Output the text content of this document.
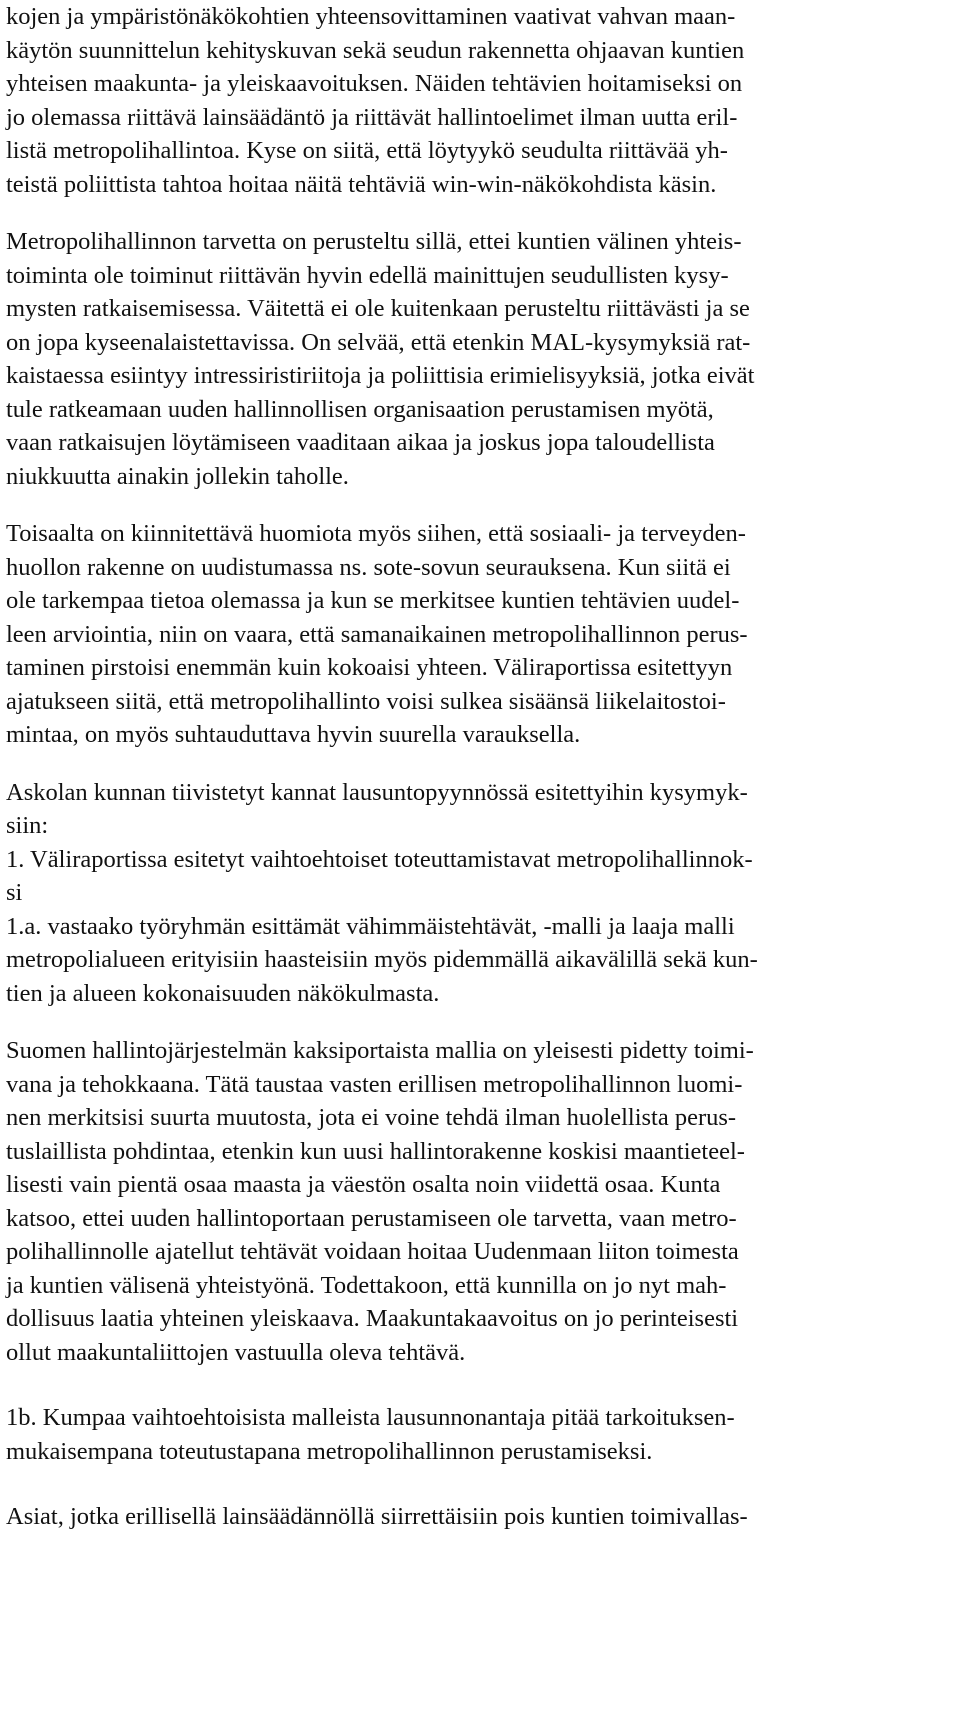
kojen ja ympäristönäkökohtien yhteensovittaminen vaativat vahvan maan-
käytön suunnittelun kehityskuvan sekä seudun rakennetta ohjaavan kuntien
yhteisen maakunta- ja yleiskaavoituksen. Näiden tehtävien hoitamiseksi on
jo olemassa riittävä lainsäädäntö ja riittävät hallintoelimet ilman uutta eril-
listä metropolihallintoa. Kyse on siitä, että löytyykö seudulta riittävää yh-
teistä poliittista tahtoa hoitaa näitä tehtäviä win-win-näkökohdista käsin.
Metropolihallinnon tarvetta on perusteltu sillä, ettei kuntien välinen yhteis-
toiminta ole toiminut riittävän hyvin edellä mainittujen seudullisten kysy-
mysten ratkaisemisessa. Väitettä ei ole kuitenkaan perusteltu riittävästi ja se
on jopa kyseenalaistettavissa. On selvää, että etenkin MAL-kysymyksiä rat-
kaistaessa esiintyy intressiristiriitoja ja poliittisia erimielisyyksiä, jotka eivät
tule ratkeamaan uuden hallinnollisen organisaation perustamisen myötä,
vaan ratkaisujen löytämiseen vaaditaan aikaa ja joskus jopa taloudellista
niukkuutta ainakin jollekin taholle.
Toisaalta on kiinnitettävä huomiota myös siihen, että sosiaali- ja terveyden-
huollon rakenne on uudistumassa ns. sote-sovun seurauksena. Kun siitä ei
ole tarkempaa tietoa olemassa ja kun se merkitsee kuntien tehtävien uudel-
leen arviointia, niin on vaara, että samanaikainen metropolihallinnon perus-
taminen pirstoisi enemmän kuin kokoaisi yhteen. Väliraportissa esitettyyn
ajatukseen siitä, että metropolihallinto voisi sulkea sisäänsä liikelaitostoi-
mintaa, on myös suhtauduttava hyvin suurella varauksella.
Askolan kunnan tiivistetyt kannat lausuntopyynnössä esitettyihin kysymyk-
siin:
1. Väliraportissa esitetyt vaihtoehtoiset toteuttamistavat metropolihallinnok-
si
1.a. vastaako työryhmän esittämät vähimmäistehtävät, -malli ja laaja malli
metropolialueen erityisiin haasteisiin myös pidemmällä aikavälillä sekä kun-
tien ja alueen kokonaisuuden näkökulmasta.
Suomen hallintojärjestelmän kaksiportaista mallia on yleisesti pidetty toimi-
vana ja tehokkaana. Tätä taustaa vasten erillisen metropolihallinnon luomi-
nen merkitsisi suurta muutosta, jota ei voine tehdä ilman huolellista perus-
tuslaillista pohdintaa, etenkin kun uusi hallintorakenne koskisi maantieteel-
lisesti vain pientä osaa maasta ja väestön osalta noin viidettä osaa. Kunta
katsoo, ettei uuden hallintoportaan perustamiseen ole tarvetta, vaan metro-
polihallinnolle ajatellut tehtävät voidaan hoitaa Uudenmaan liiton toimesta
ja kuntien välisenä yhteistyönä. Todettakoon, että kunnilla on jo nyt mah-
dollisuus laatia yhteinen yleiskaava. Maakuntakaavoitus on jo perinteisesti
ollut maakuntaliittojen vastuulla oleva tehtävä.
1b. Kumpaa vaihtoehtoisista malleista lausunnonantaja pitää tarkoituksen-
mukaisempana toteutustapana metropolihallinnon perustamiseksi.
Asiat, jotka erillisellä lainsäädännöllä siirrettäisiin pois kuntien toimivallas-
